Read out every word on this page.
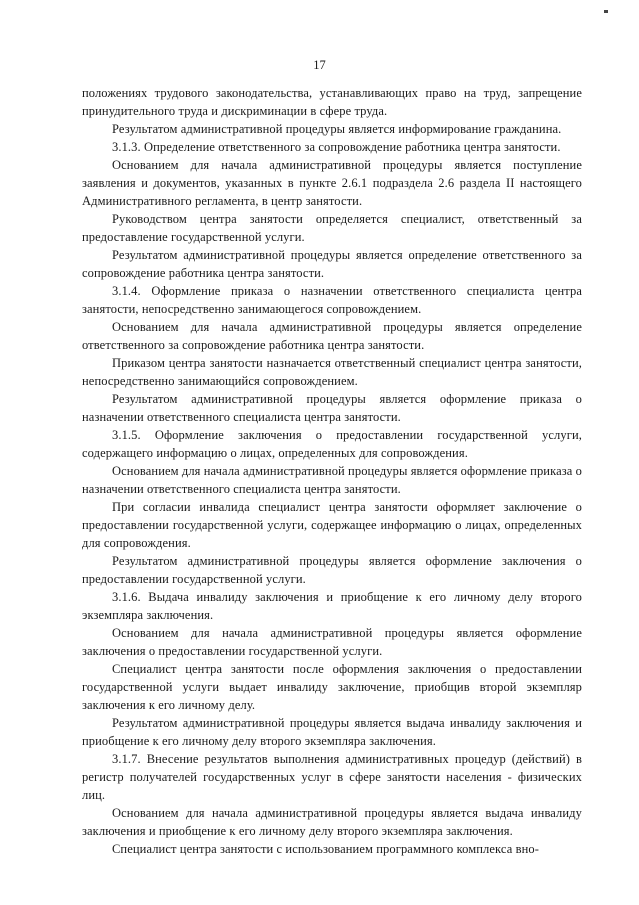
17

положениях трудового законодательства, устанавливающих право на труд, запрещение принудительного труда и дискриминации в сфере труда.

Результатом административной процедуры является информирование гражданина.

3.1.3. Определение ответственного за сопровождение работника центра занятости.

Основанием для начала административной процедуры является поступление заявления и документов, указанных в пункте 2.6.1 подраздела 2.6 раздела II настоящего Административного регламента, в центр занятости.

Руководством центра занятости определяется специалист, ответственный за предоставление государственной услуги.

Результатом административной процедуры является определение ответственного за сопровождение работника центра занятости.

3.1.4. Оформление приказа о назначении ответственного специалиста центра занятости, непосредственно занимающегося сопровождением.

Основанием для начала административной процедуры является определение ответственного за сопровождение работника центра занятости.

Приказом центра занятости назначается ответственный специалист центра занятости, непосредственно занимающийся сопровождением.

Результатом административной процедуры является оформление приказа о назначении ответственного специалиста центра занятости.

3.1.5. Оформление заключения о предоставлении государственной услуги, содержащего информацию о лицах, определенных для сопровождения.

Основанием для начала административной процедуры является оформление приказа о назначении ответственного специалиста центра занятости.

При согласии инвалида специалист центра занятости оформляет заключение о предоставлении государственной услуги, содержащее информацию о лицах, определенных для сопровождения.

Результатом административной процедуры является оформление заключения о предоставлении государственной услуги.

3.1.6. Выдача инвалиду заключения и приобщение к его личному делу второго экземпляра заключения.

Основанием для начала административной процедуры является оформление заключения о предоставлении государственной услуги.

Специалист центра занятости после оформления заключения о предоставлении государственной услуги выдает инвалиду заключение, приобщив второй экземпляр заключения к его личному делу.

Результатом административной процедуры является выдача инвалиду заключения и приобщение к его личному делу второго экземпляра заключения.

3.1.7. Внесение результатов выполнения административных процедур (действий) в регистр получателей государственных услуг в сфере занятости населения - физических лиц.

Основанием для начала административной процедуры является выдача инвалиду заключения и приобщение к его личному делу второго экземпляра заключения.

Специалист центра занятости с использованием программного комплекса вно-
